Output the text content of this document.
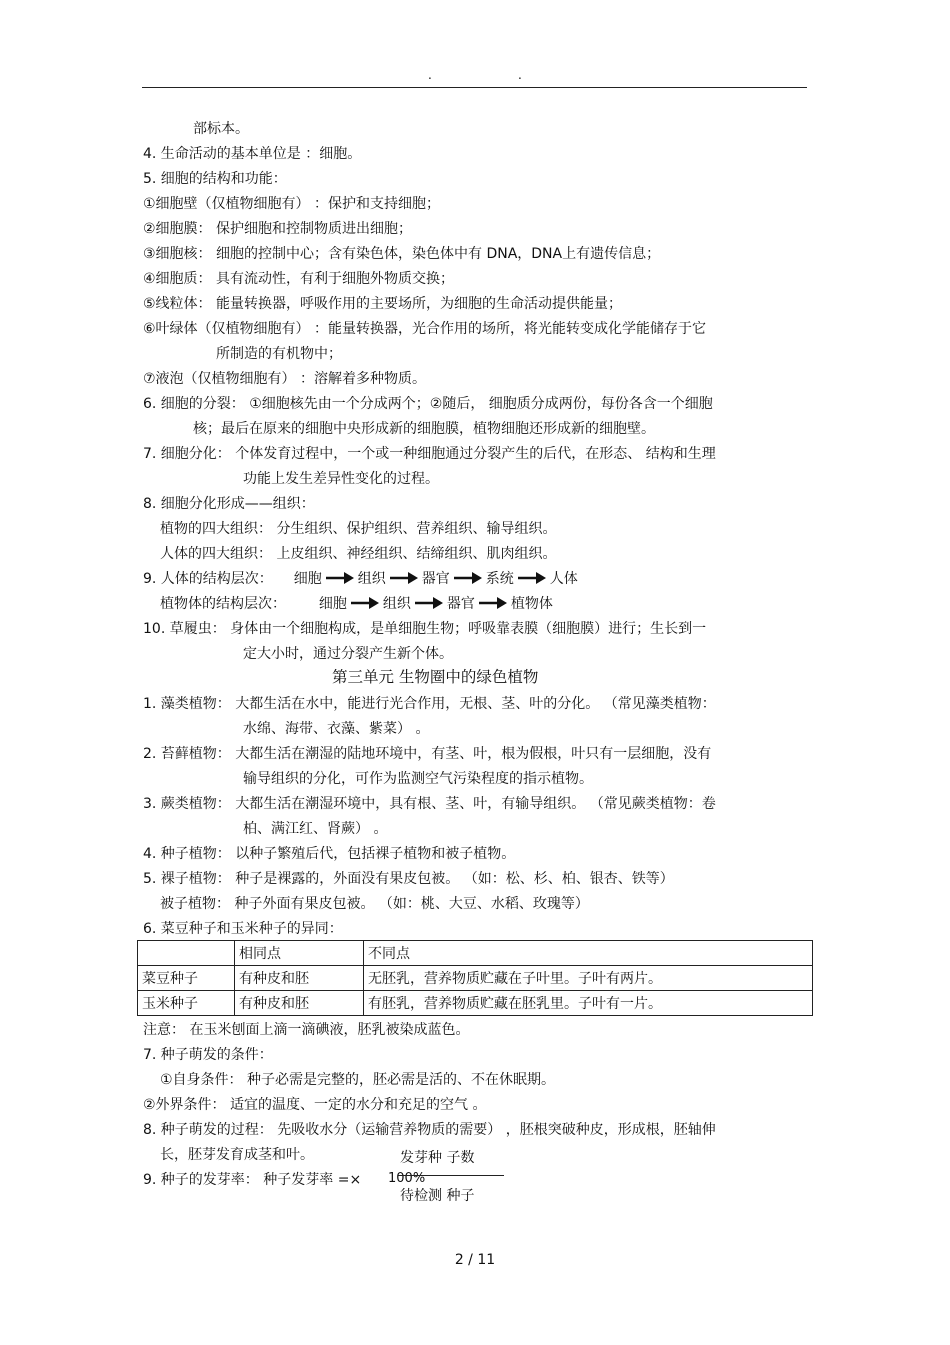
.	.
部标本。
4. 生命活动的基本单位是 ：细胞。
5. 细胞的结构和功能：
①细胞壁（仅植物细胞有） ：保护和支持细胞；
②细胞膜： 保护细胞和控制物质进出细胞；
③细胞核： 细胞的控制中心；含有染色体，染色体中有 DNA，DNA上有遗传信息；
④细胞质： 具有流动性，有利于细胞外物质交换；
⑤线粒体： 能量转换器，呼吸作用的主要场所，为细胞的生命活动提供能量；
⑥叶绿体（仅植物细胞有） ：能量转换器，光合作用的场所，将光能转变成化学能储存于它
所制造的有机物中；
⑦液泡（仅植物细胞有） ：溶解着多种物质。
6. 细胞的分裂： ①细胞核先由一个分成两个；②随后， 细胞质分成两份，每份各含一个细胞
核；最后在原来的细胞中央形成新的细胞膜，植物细胞还形成新的细胞壁。
7. 细胞分化： 个体发育过程中，一个或一种细胞通过分裂产生的后代，在形态、 结构和生理
功能上发生差异性变化的过程。
8. 细胞分化形成——组织：
植物的四大组织： 分生组织、保护组织、营养组织、输导组织。
人体的四大组织： 上皮组织、神经组织、结缔组织、肌肉组织。
9. 人体的结构层次： 细胞	组织	器官	系统	人体
植物体的结构层次： 细胞	组织	器官	植物体
10. 草履虫： 身体由一个细胞构成，是单细胞生物；呼吸靠表膜（细胞膜）进行；生长到一
定大小时，通过分裂产生新个体。
第三单元 生物圈中的绿色植物
1. 藻类植物： 大都生活在水中，能进行光合作用，无根、茎、叶的分化。 （常见藻类植物：
水绵、海带、衣藻、紫菜） 。
2. 苔藓植物： 大都生活在潮湿的陆地环境中，有茎、叶，根为假根，叶只有一层细胞，没有
输导组织的分化，可作为监测空气污染程度的指示植物。
3. 蕨类植物： 大都生活在潮湿环境中，具有根、茎、叶，有输导组织。 （常见蕨类植物：卷
柏、满江红、肾蕨） 。
4. 种子植物： 以种子繁殖后代，包括裸子植物和被子植物。
5. 裸子植物： 种子是裸露的，外面没有果皮包被。 （如：松、杉、柏、银杏、铁等）
被子植物： 种子外面有果皮包被。 （如：桃、大豆、水稻、玫瑰等）
6. 菜豆种子和玉米种子的异同：
	相同点	不同点
菜豆种子	有种皮和胚	无胚乳，营养物质贮藏在子叶里。子叶有两片。
玉米种子	有种皮和胚	有胚乳，营养物质贮藏在胚乳里。子叶有一片。
注意： 在玉米刨面上滴一滴碘液，胚乳被染成蓝色。
7. 种子萌发的条件：
①自身条件： 种子必需是完整的，胚必需是活的、不在休眠期。
②外界条件： 适宜的温度、一定的水分和充足的空气 。
8. 种子萌发的过程： 先吸收水分（运输营养物质的需要） ，胚根突破种皮，形成根，胚轴伸
长，胚芽发育成茎和叶。	发芽种 子数
9. 种子的发芽率： 种子发芽率 =× 100%
待检测 种子
2 / 11
